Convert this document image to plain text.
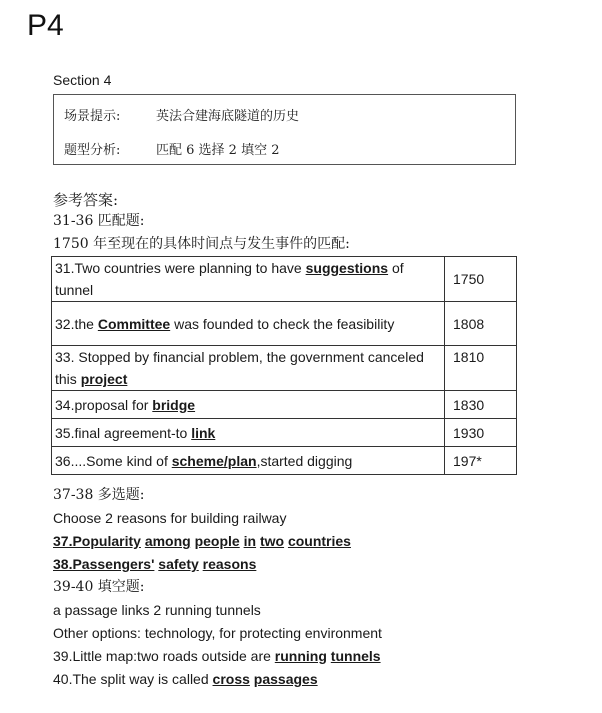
P4
Section 4
场景提示:	英法合建海底隧道的历史
题型分析:	匹配 6 选择 2 填空 2
参考答案:
31-36 匹配题:
1750 年至现在的具体时间点与发生事件的匹配:
31.Two countries were planning to have suggestions of tunnel	1750
32.the Committee was founded to check the feasibility	1808
33. Stopped by financial problem, the government canceled this project	1810
34.proposal for bridge	1830
35.final agreement-to link	1930
36....Some kind of scheme/plan,started digging	197*
37-38 多选题:
Choose 2 reasons for building railway
37.Popularity among people in two countries
38.Passengers' safety reasons
39-40 填空题:
a passage links 2 running tunnels
Other options: technology, for protecting environment
39.Little map:two roads outside are running tunnels
40.The split way is called cross passages
